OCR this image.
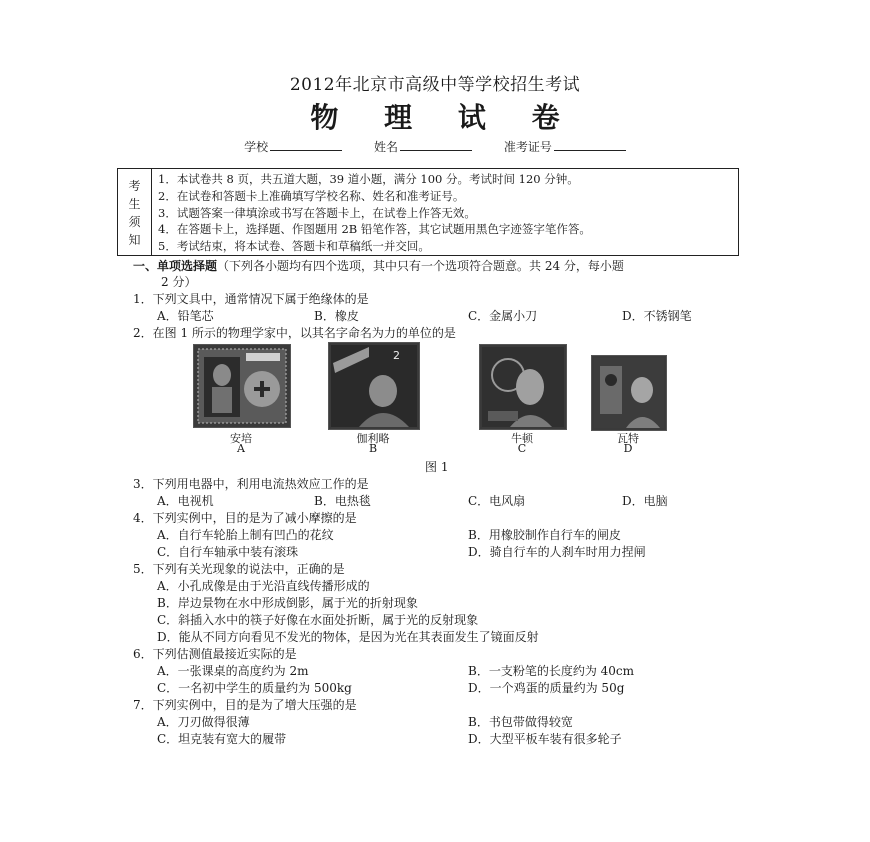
2012年北京市高级中等学校招生考试
物 理 试 卷
学校	姓名	准考证号
考
生
须
知
1．本试卷共 8 页，共五道大题，39 道小题，满分 100 分。考试时间 120 分钟。
2．在试卷和答题卡上准确填写学校名称、姓名和准考证号。
3．试题答案一律填涂或书写在答题卡上，在试卷上作答无效。
4．在答题卡上，选择题、作图题用 2B 铅笔作答，其它试题用黑色字迹签字笔作答。
5．考试结束，将本试卷、答题卡和草稿纸一并交回。
一、单项选择题（下列各小题均有四个选项，其中只有一个选项符合题意。共 24 分，每小题
2 分）
1．下列文具中，通常情况下属于绝缘体的是
A．铅笔芯	B．橡皮	C．金属小刀	D．不锈钢笔
2．在图 1 所示的物理学家中，以其名字命名为力的单位的是
2
安培
A
伽利略
B
牛顿
C
瓦特
D
图 1
3．下列用电器中，利用电流热效应工作的是
A．电视机	B．电热毯	C．电风扇	D．电脑
4．下列实例中，目的是为了减小摩擦的是
A．自行车轮胎上制有凹凸的花纹	B．用橡胶制作自行车的闸皮
C．自行车轴承中装有滚珠	D．骑自行车的人刹车时用力捏闸
5．下列有关光现象的说法中，正确的是
A．小孔成像是由于光沿直线传播形成的
B．岸边景物在水中形成倒影，属于光的折射现象
C．斜插入水中的筷子好像在水面处折断，属于光的反射现象
D．能从不同方向看见不发光的物体，是因为光在其表面发生了镜面反射
6．下列估测值最接近实际的是
A．一张课桌的高度约为 2m	B．一支粉笔的长度约为 40cm
C．一名初中学生的质量约为 500kg	D．一个鸡蛋的质量约为 50g
7．下列实例中，目的是为了增大压强的是
A．刀刃做得很薄	B．书包带做得较宽
C．坦克装有宽大的履带	D．大型平板车装有很多轮子
